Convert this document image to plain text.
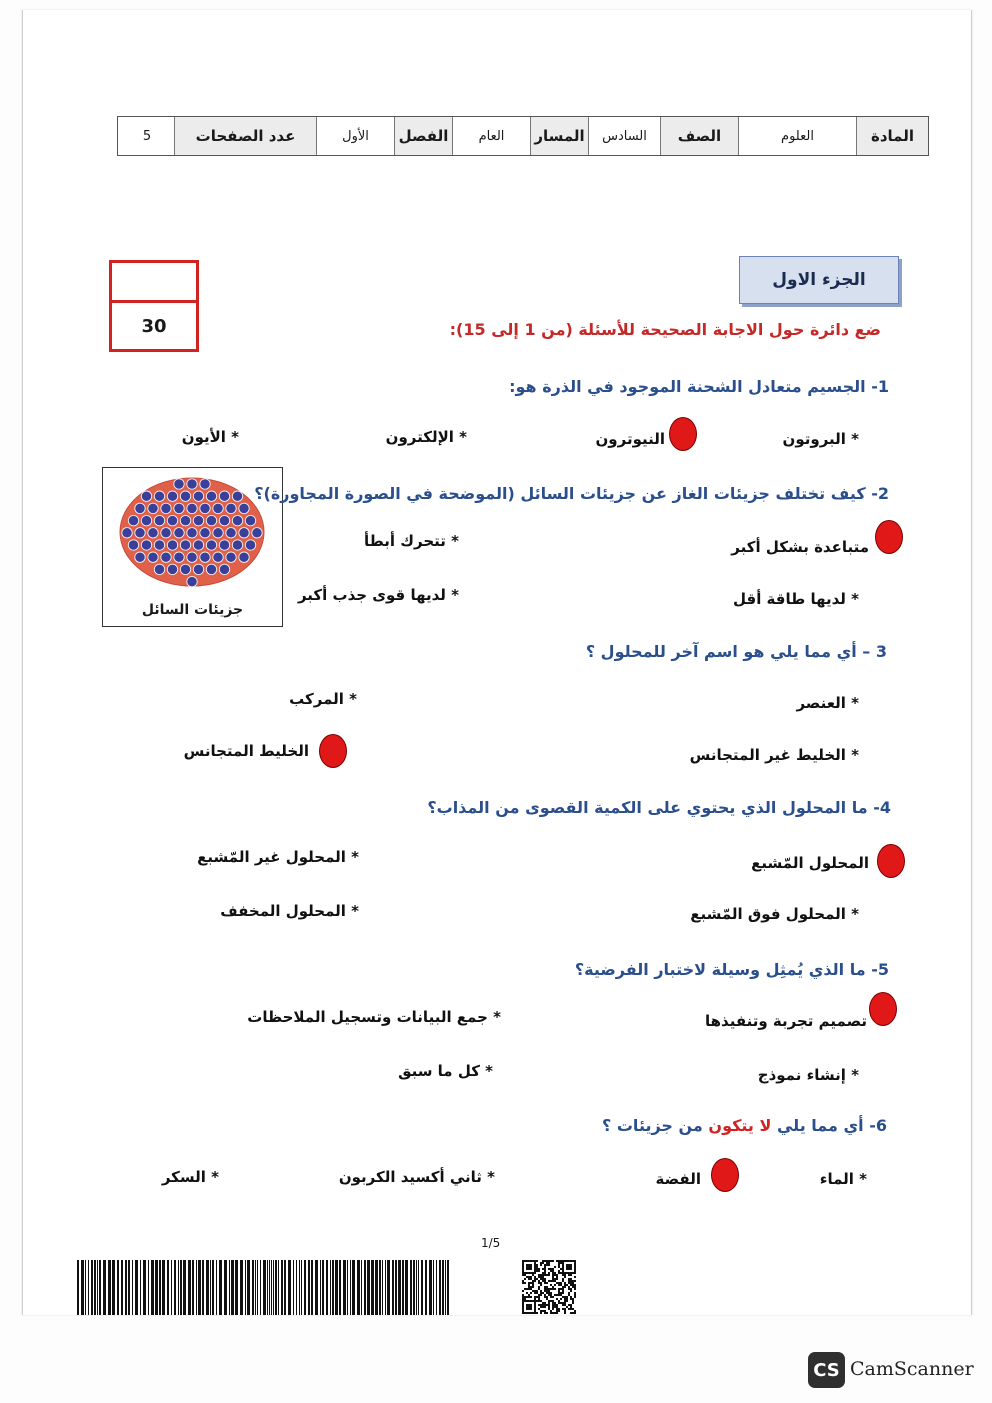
المادة
العلوم
الصف
السادس
المسار
العام
الفصل
الأول
عدد الصفحات
5
30
الجزء الاول
ضع دائرة حول الاجابة الصحيحة للأسئلة (من 1 إلى 15):
1- الجسيم متعادل الشحنة الموجود في الذرة هو:
* البروتون
النيوترون
* الإلكترون
* الأيون
جزيئات السائل
2- كيف تختلف جزيئات الغاز عن جزيئات السائل (الموضحة في الصورة المجاورة)؟
متباعدة بشكل أكبر
* تتحرك أبطأ
* لديها طاقة أقل
* لديها قوى جذب أكبر
3 – أي مما يلي هو اسم آخر للمحلول ؟
* العنصر
* المركب
* الخليط غير المتجانس
الخليط المتجانس
4- ما المحلول الذي يحتوي على الكمية القصوى من المذاب؟
المحلول المّشبع
* المحلول غير المّشبع
* المحلول فوق المّشبع
* المحلول المخفف
5- ما الذي يُمثِل وسيلة لاختبار الفرضية؟
تصميم تجربة وتنفيذها
* جمع البيانات وتسجيل الملاحظات
* إنشاء نموذج
* كل ما سبق
6- أي مما يلي لا يتكون من جزيئات ؟
* الماء
الفضة
* ثاني أكسيد الكربون
* السكر
1/5
CS CamScanner
